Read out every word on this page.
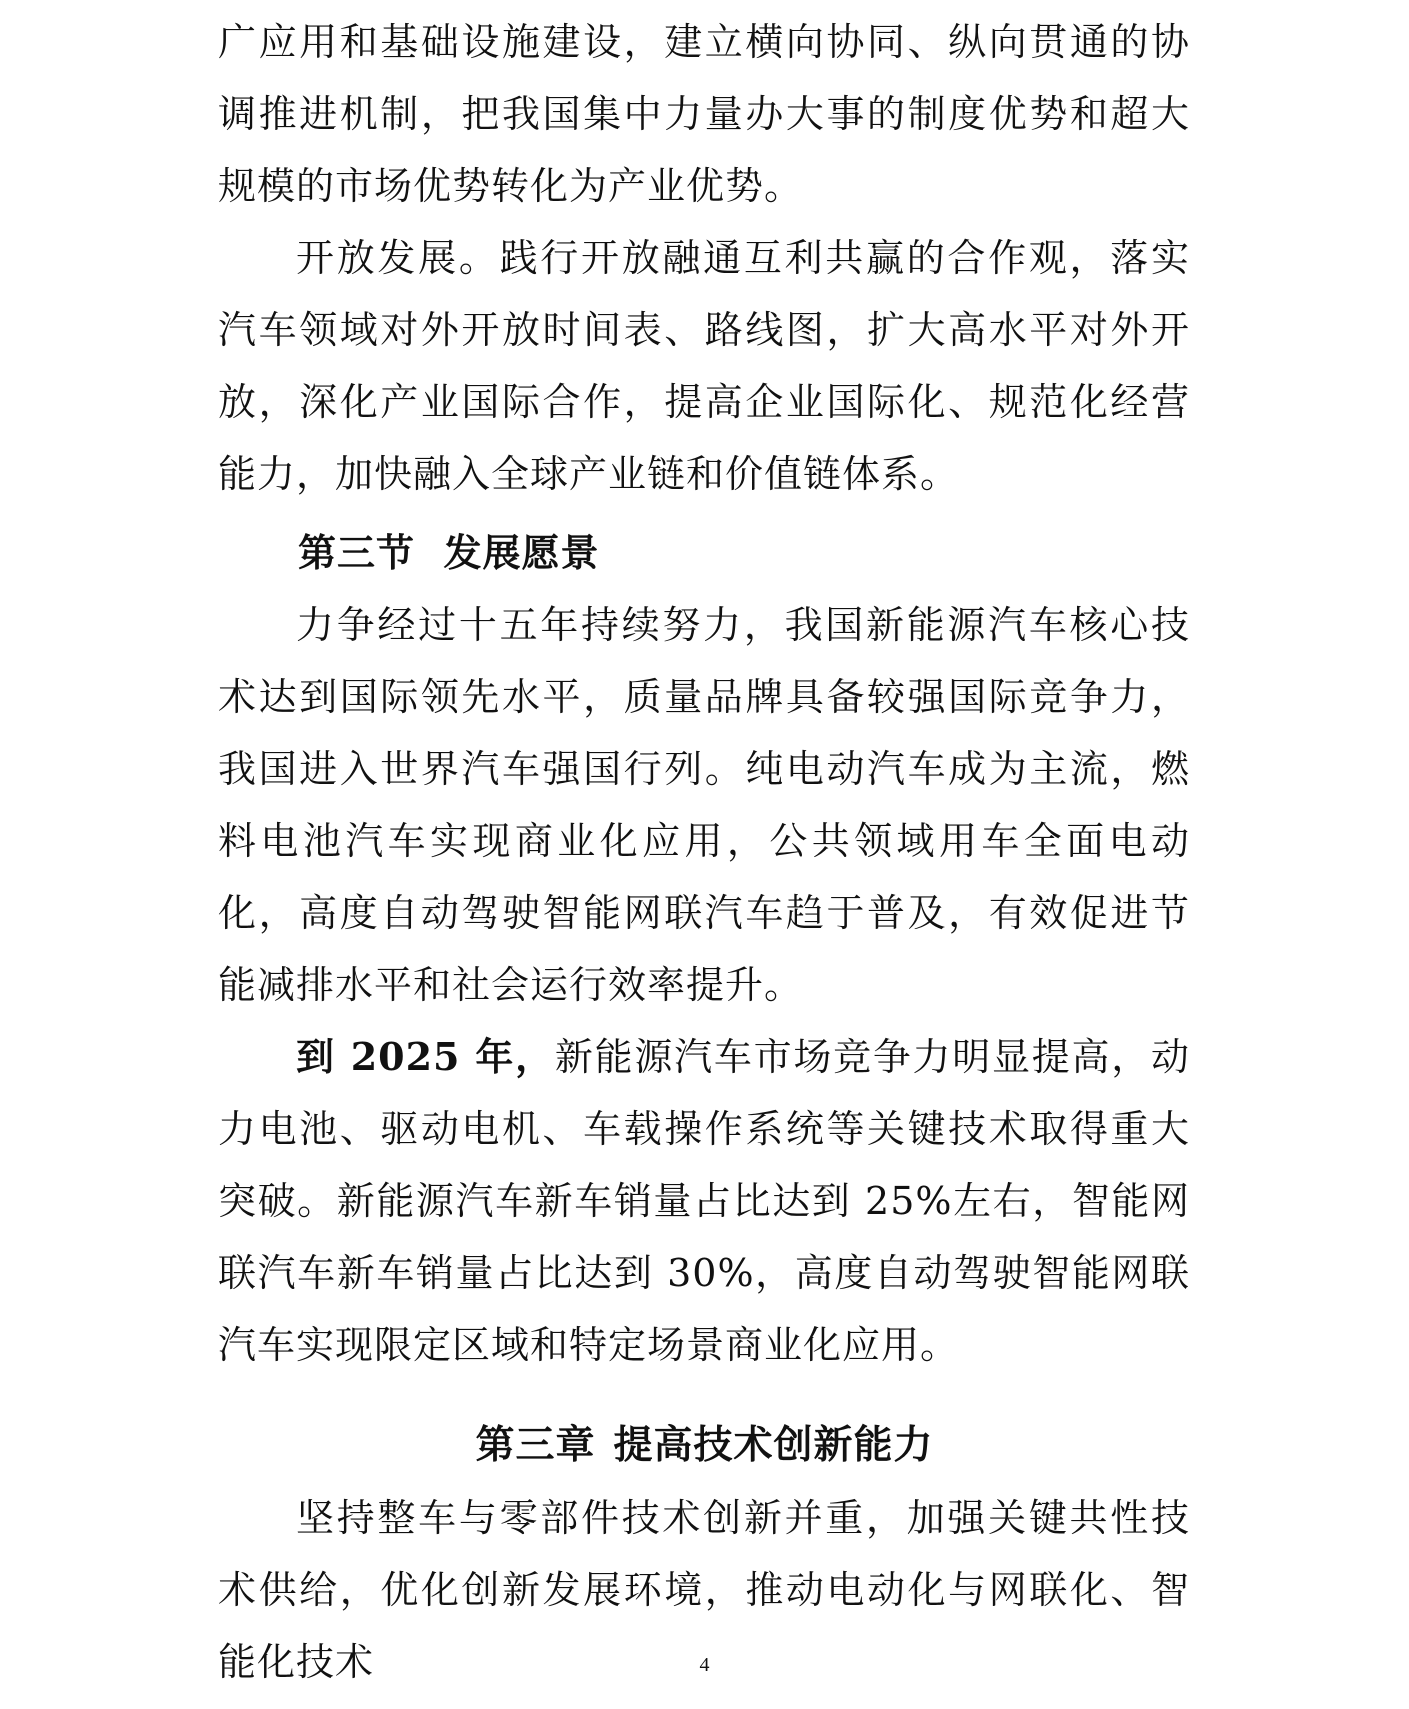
广应用和基础设施建设，建立横向协同、纵向贯通的协调推进机制，把我国集中力量办大事的制度优势和超大规模的市场优势转化为产业优势。

开放发展。践行开放融通互利共赢的合作观，落实汽车领域对外开放时间表、路线图，扩大高水平对外开放，深化产业国际合作，提高企业国际化、规范化经营能力，加快融入全球产业链和价值链体系。

第三节 发展愿景

力争经过十五年持续努力，我国新能源汽车核心技术达到国际领先水平，质量品牌具备较强国际竞争力，我国进入世界汽车强国行列。纯电动汽车成为主流，燃料电池汽车实现商业化应用，公共领域用车全面电动化，高度自动驾驶智能网联汽车趋于普及，有效促进节能减排水平和社会运行效率提升。

到 2025 年，新能源汽车市场竞争力明显提高，动力电池、驱动电机、车载操作系统等关键技术取得重大突破。新能源汽车新车销量占比达到 25%左右，智能网联汽车新车销量占比达到 30%，高度自动驾驶智能网联汽车实现限定区域和特定场景商业化应用。

第三章 提高技术创新能力

坚持整车与零部件技术创新并重，加强关键共性技术供给，优化创新发展环境，推动电动化与网联化、智能化技术	4
